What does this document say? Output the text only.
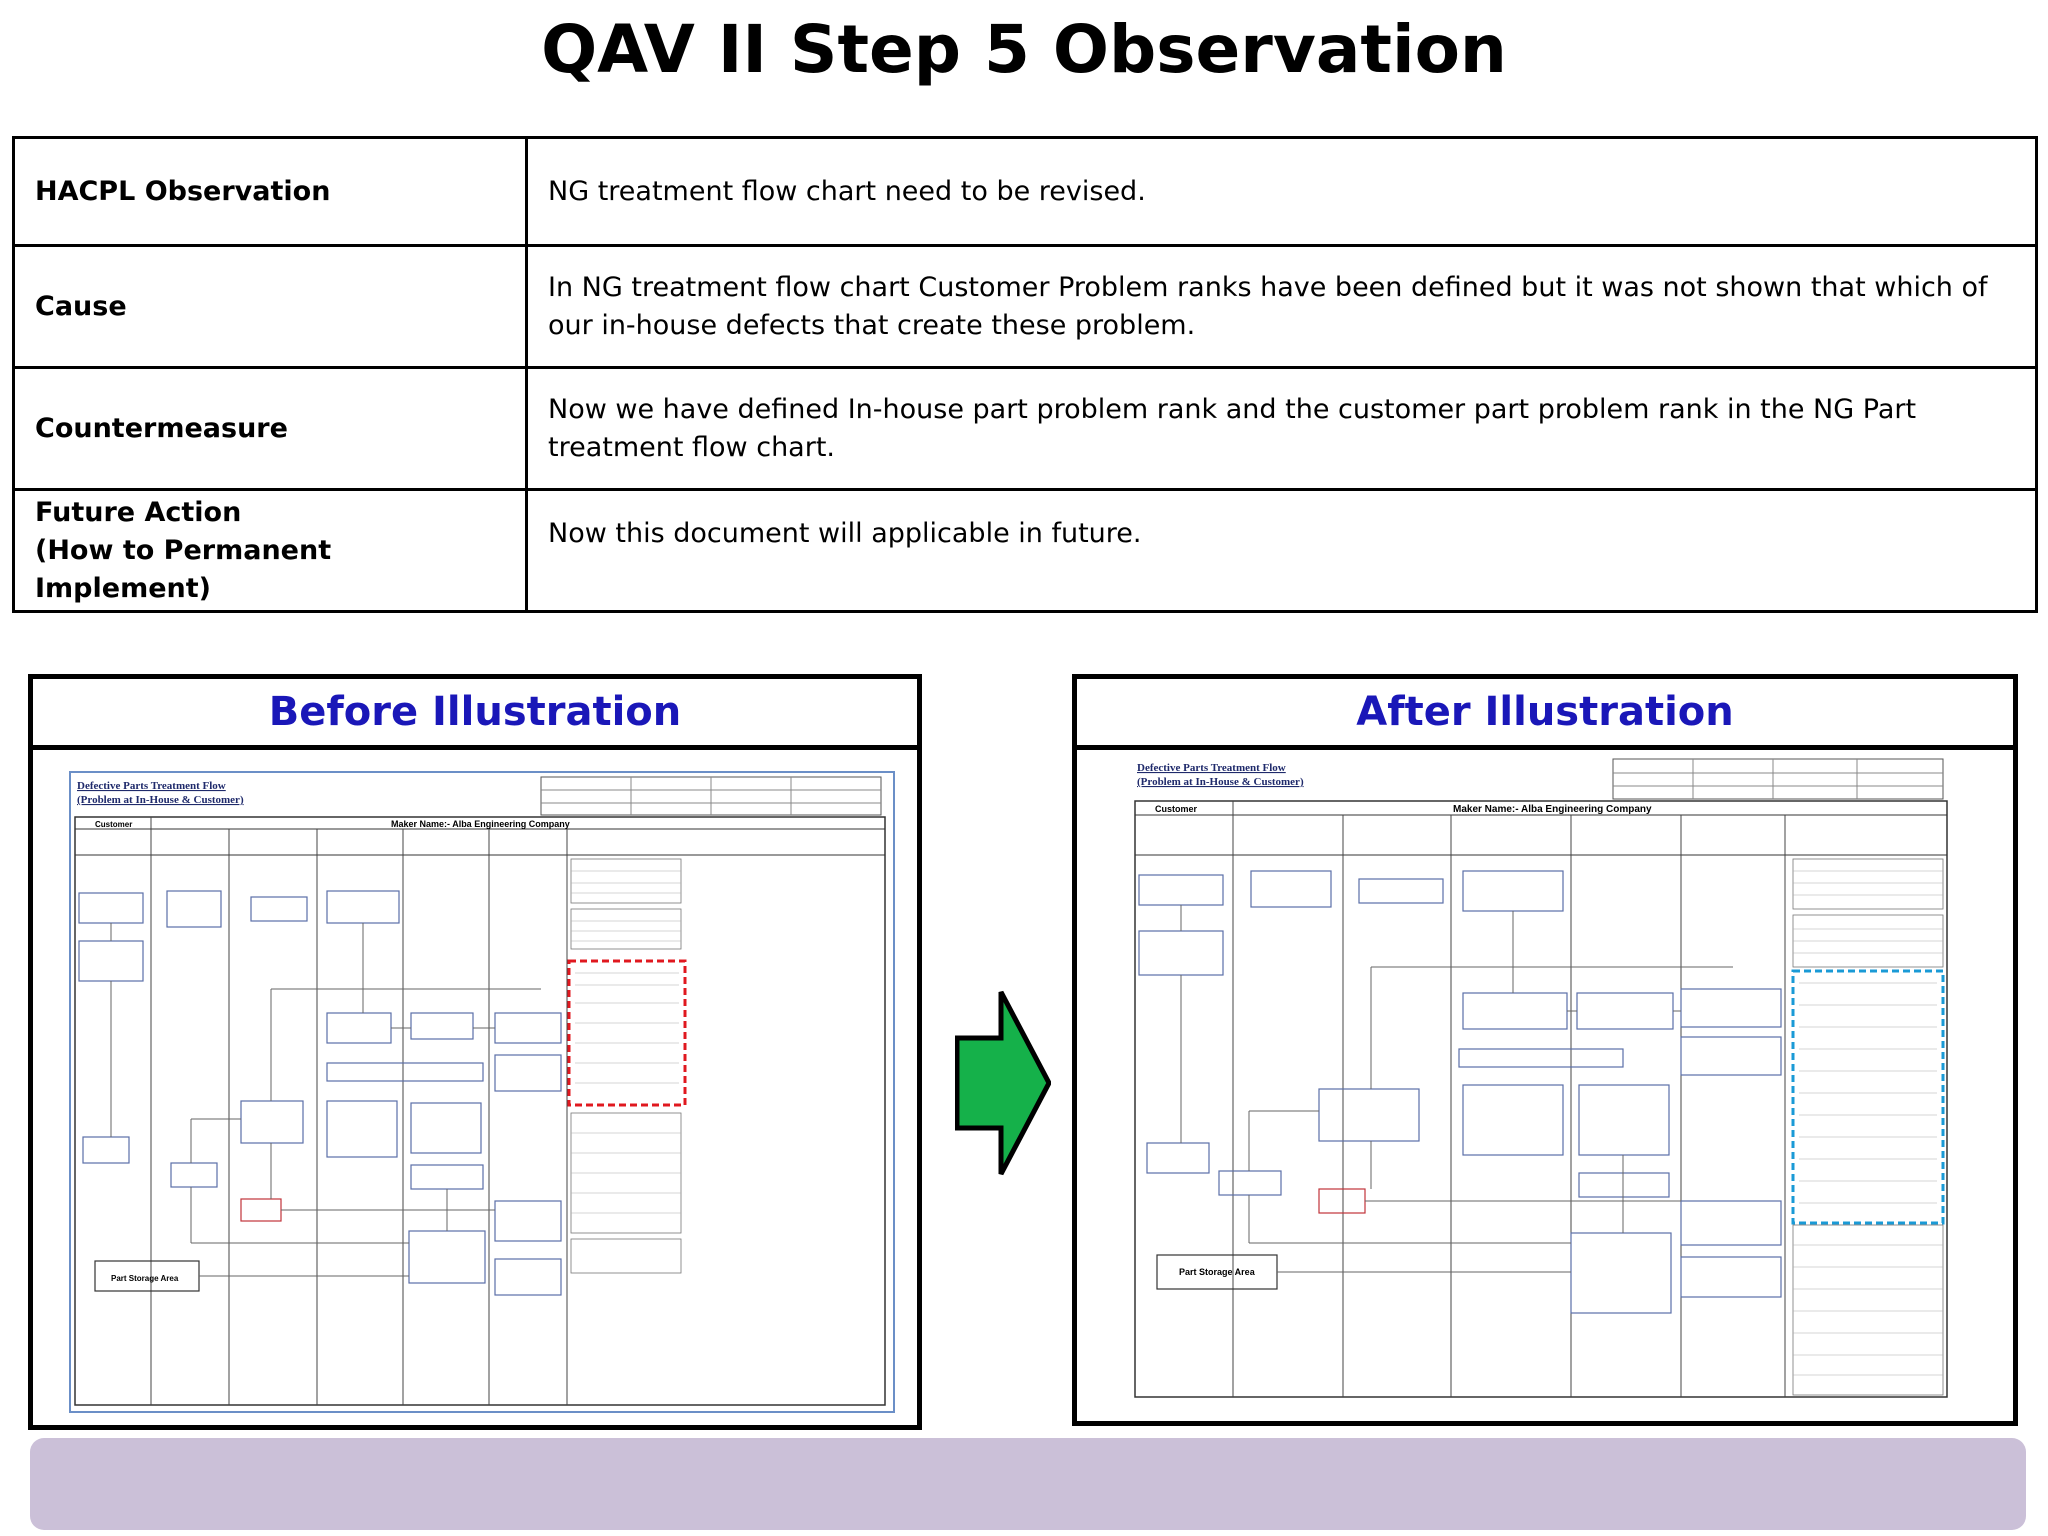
QAV II Step 5 Observation
HACPL Observation	NG treatment flow chart need to be revised.
Cause	In NG treatment flow chart Customer Problem ranks have been defined but it was not shown that which of our in-house defects that create these problem.
Countermeasure	Now we have defined In-house part problem rank and the customer part problem rank in the NG Part treatment flow chart.

Future Action
(How to Permanent Implement)	Now this document will applicable in future.
Before Illustration
Defective Parts Treatment Flow
(Problem at In-House & Customer)
Customer	Maker Name:- Alba Engineering Company
Part Storage Area
After Illustration
Defective Parts Treatment Flow
(Problem at In-House & Customer)
Customer	Maker Name:- Alba Engineering Company
Part Storage Area
